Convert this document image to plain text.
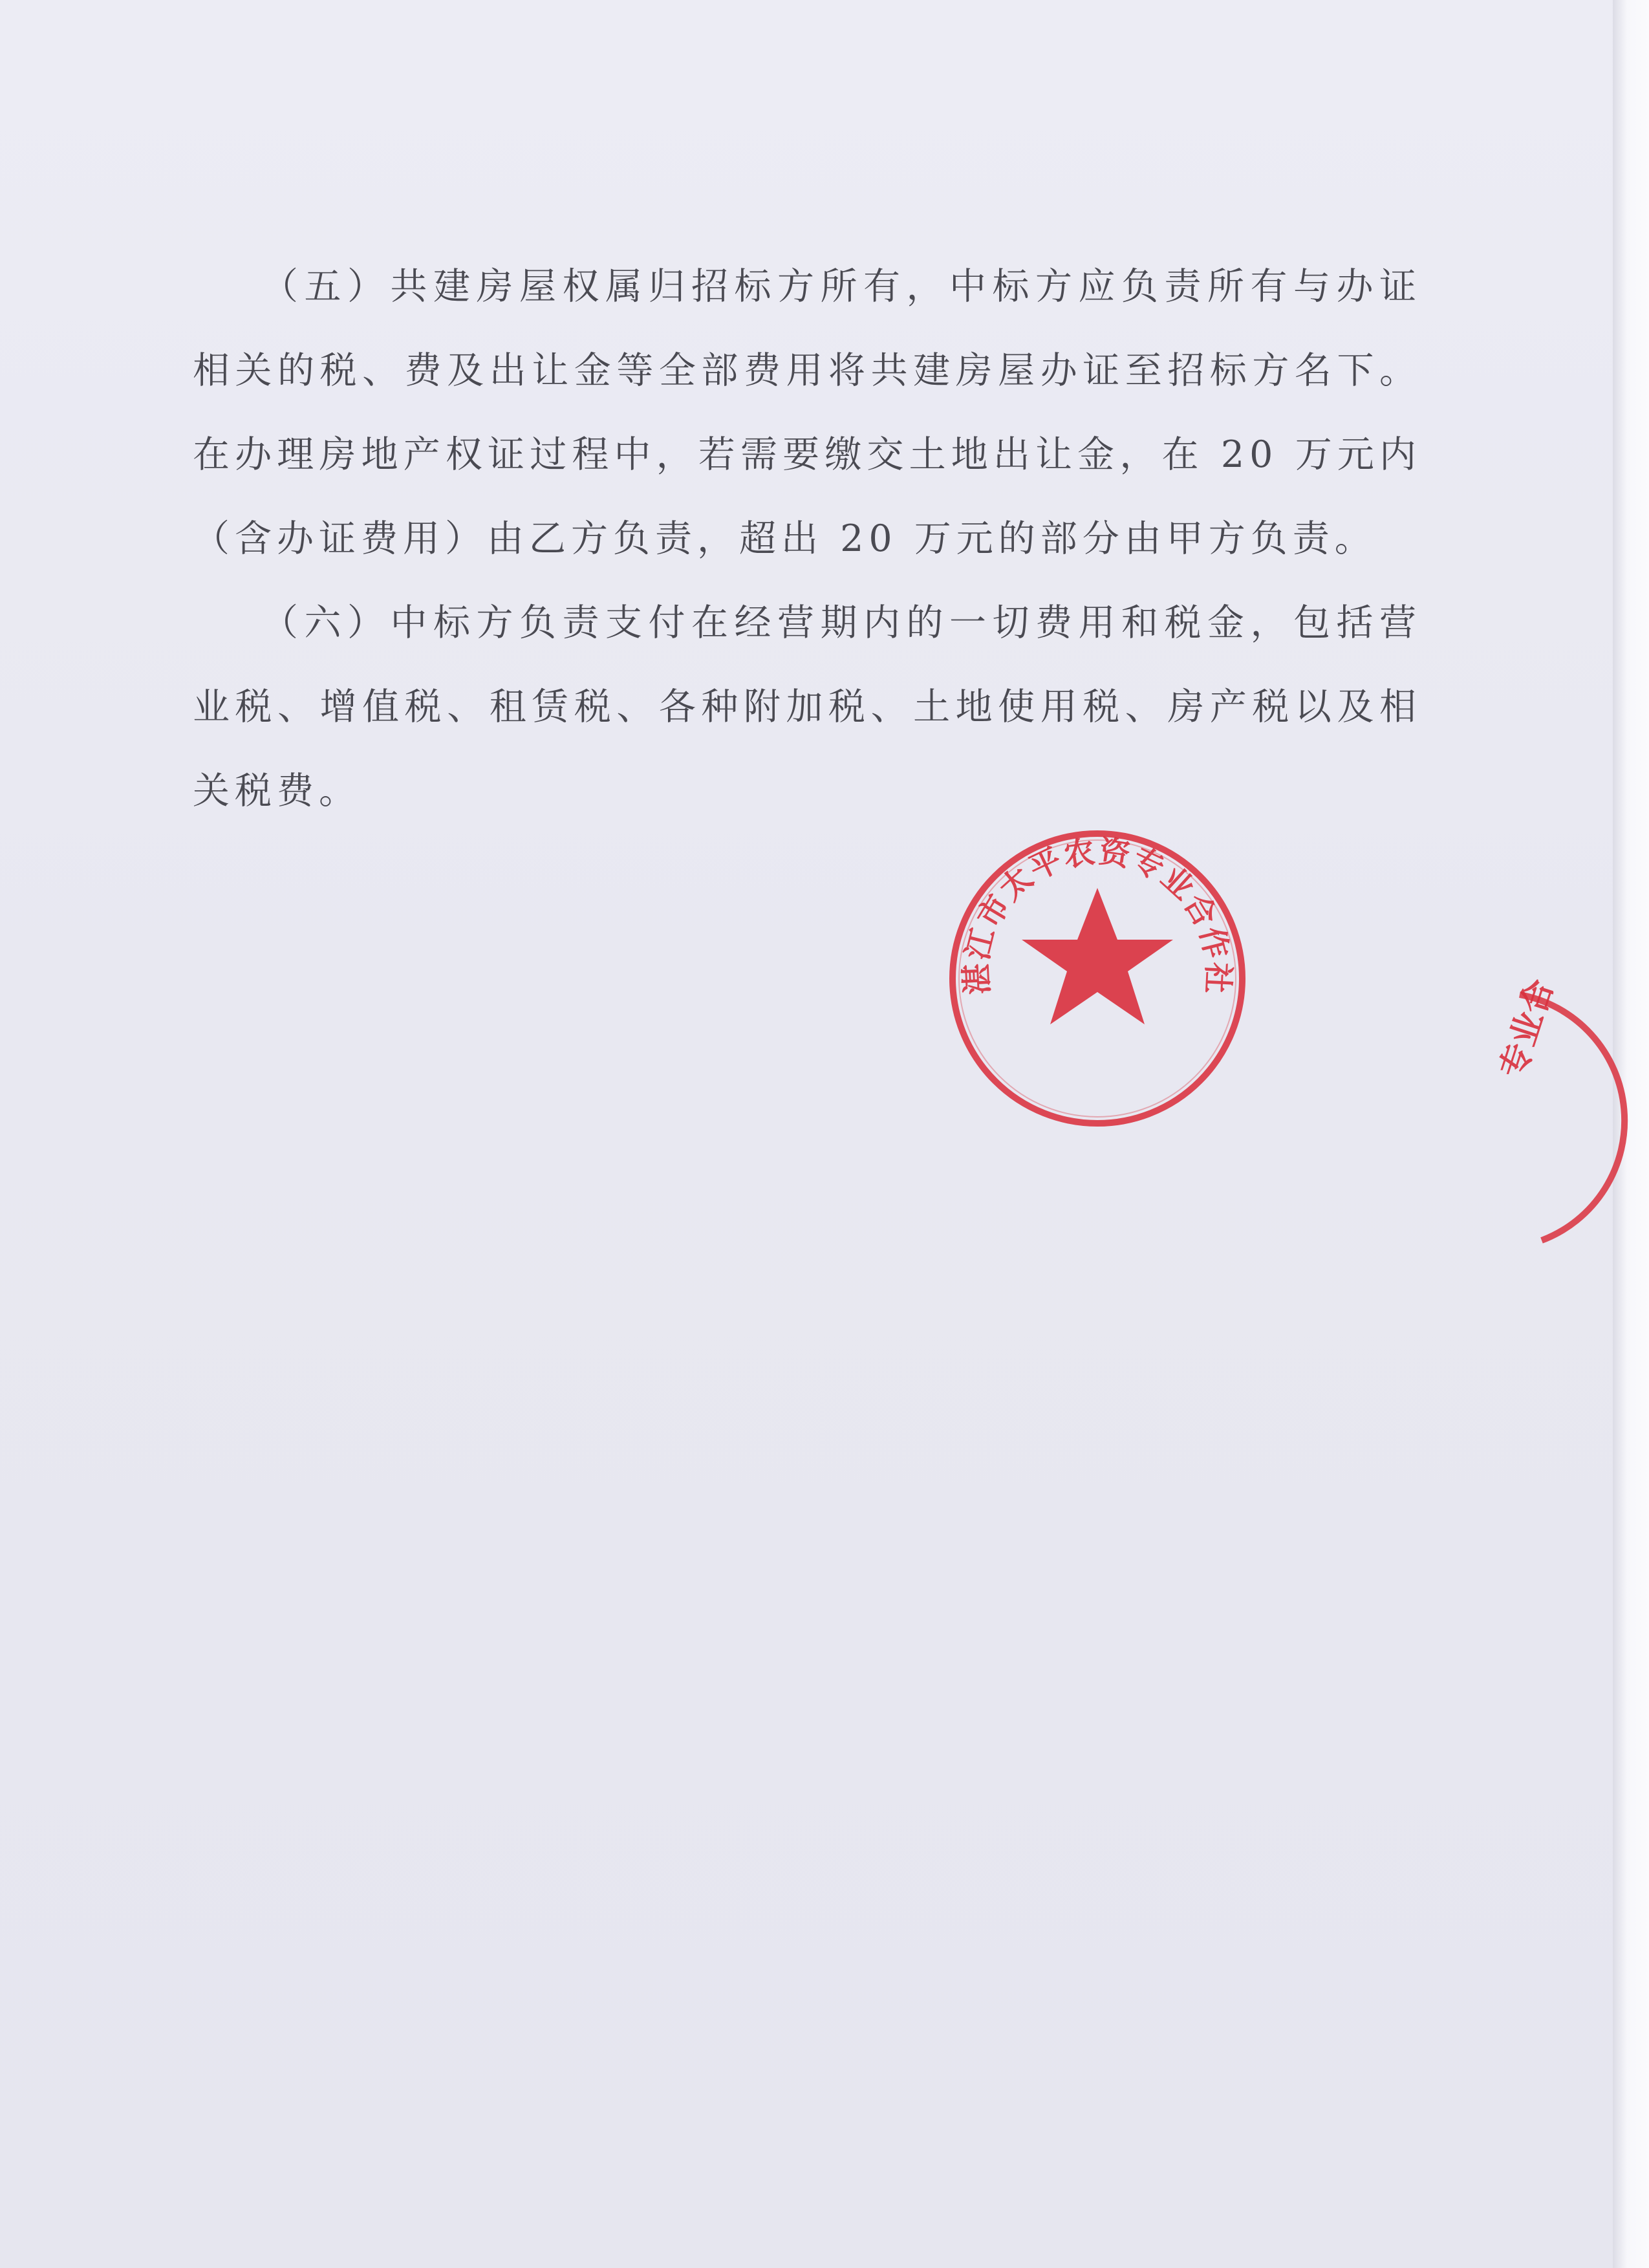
（五）共建房屋权属归招标方所有，中标方应负责所有与办证相关的税、费及出让金等全部费用将共建房屋办证至招标方名下。在办理房地产权证过程中，若需要缴交土地出让金，在 20 万元内（含办证费用）由乙方负责，超出 20 万元的部分由甲方负责。

（六）中标方负责支付在经营期内的一切费用和税金，包括营业税、增值税、租赁税、各种附加税、土地使用税、房产税以及相关税费。

湛江市太平农资专业合作社	专业合
